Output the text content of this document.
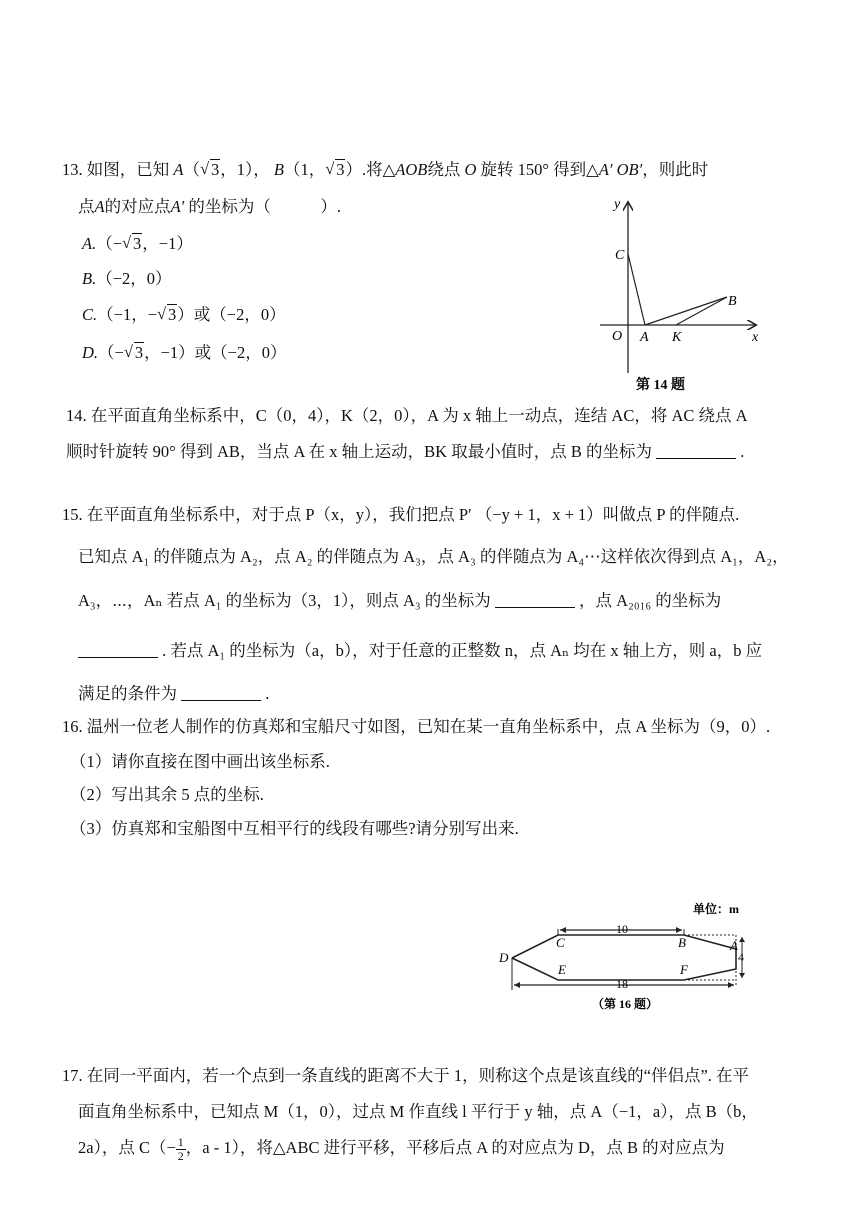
13. 如图，已知 A（ √ 3，1）， B（1， √ 3）.将△AOB绕点 O 旋转 150° 得到△A′ OB′，则此时
点A的对应点A′ 的坐标为（　　　）.
A.（− √ 3，−1）
B.（−2，0）
C.（−1，− √ 3）或（−2，0）
D.（− √ 3，−1）或（−2，0）
y
x
O A K
B
C
第 14 题
14. 在平面直角坐标系中，C（0，4），K（2，0），A 为 x 轴上一动点，连结 AC，将 AC 绕点 A
顺时针旋转 90° 得到 AB，当点 A 在 x 轴上运动，BK 取最小值时，点 B 的坐标为	.
15. 在平面直角坐标系中，对于点 P（x，y），我们把点 P′ （−y + 1，x + 1）叫做点 P 的伴随点.
已知点 A₁ 的伴随点为 A₂，点 A₂ 的伴随点为 A₃，点 A₃ 的伴随点为 A₄⋯这样依次得到点 A₁，A₂，
A₃，⋯，Aₙ 若点 A₁ 的坐标为（3，1），则点 A₃ 的坐标为	，点 A₂₀₁₆ 的坐标为
. 若点 A₁ 的坐标为（a，b），对于任意的正整数 n，点 Aₙ 均在 x 轴上方，则 a，b 应
满足的条件为	.
16. 温州一位老人制作的仿真郑和宝船尺寸如图，已知在某一直角坐标系中，点 A 坐标为（9，0）.
（1）请你直接在图中画出该坐标系.
（2）写出其余 5 点的坐标.
（3）仿真郑和宝船图中互相平行的线段有哪些?请分别写出来.
单位：m
10
18
4
A
B
C
D
E	F
（第 16 题）
17. 在同一平面内，若一个点到一条直线的距离不大于 1，则称这个点是该直线的“伴侣点”. 在平
面直角坐标系中，已知点 M（1，0），过点 M 作直线 l 平行于 y 轴，点 A（−1，a），点 B（b，
2a），点 $C(- \frac{1}{2}$ ，a - 1），将△ABC 进行平移，平移后点 A 的对应点为 D，点 B 的对应点为
